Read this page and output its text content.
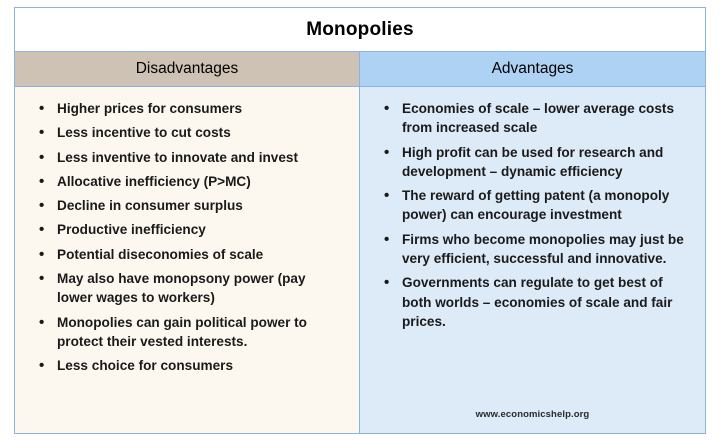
Monopolies
Disadvantages	Advantages
• Higher prices for consumers
• Less incentive to cut costs
• Less inventive to innovate and invest
• Allocative inefficiency (P>MC)
• Decline in consumer surplus
• Productive inefficiency
• Potential diseconomies of scale
• May also have monopsony power (pay lower wages to workers)
• Monopolies can gain political power to protect their vested interests.
• Less choice for consumers
• Economies of scale – lower average costs from increased scale
• High profit can be used for research and development – dynamic efficiency
• The reward of getting patent (a monopoly power) can encourage investment
• Firms who become monopolies may just be very efficient, successful and innovative.
• Governments can regulate to get best of both worlds – economies of scale and fair prices.
www.economicshelp.org
